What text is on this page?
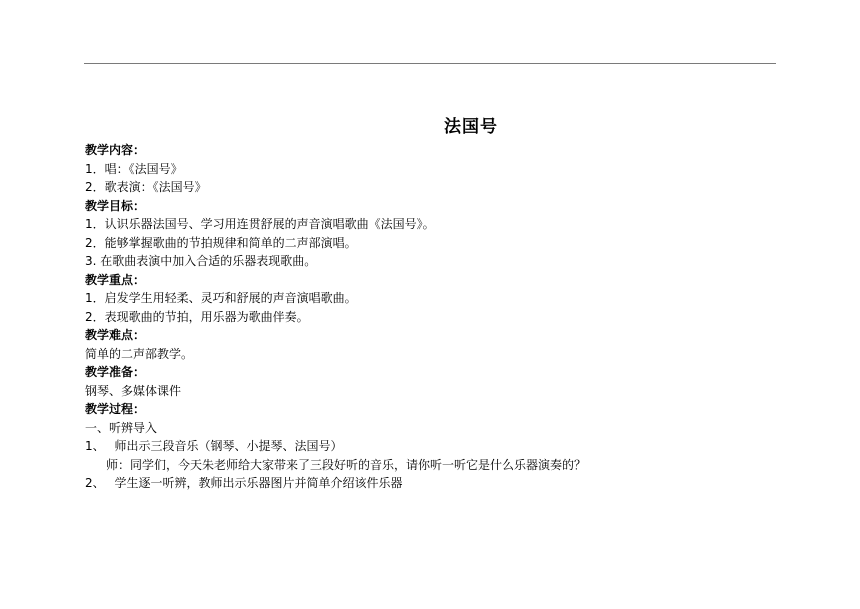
法国号
教学内容：
1．唱：《法国号》
2．歌表演：《法国号》
教学目标：
1．认识乐器法国号、学习用连贯舒展的声音演唱歌曲《法国号》。
2．能够掌握歌曲的节拍规律和简单的二声部演唱。
3. 在歌曲表演中加入合适的乐器表现歌曲。
教学重点：
1．启发学生用轻柔、灵巧和舒展的声音演唱歌曲。
2．表现歌曲的节拍，用乐器为歌曲伴奏。
教学难点：
简单的二声部教学。
教学准备：
钢琴、多媒体课件
教学过程：
一、听辨导入
1、 师出示三段音乐（钢琴、小提琴、法国号）
师：同学们，今天朱老师给大家带来了三段好听的音乐，请你听一听它是什么乐器演奏的？
2、 学生逐一听辨，教师出示乐器图片并简单介绍该件乐器
